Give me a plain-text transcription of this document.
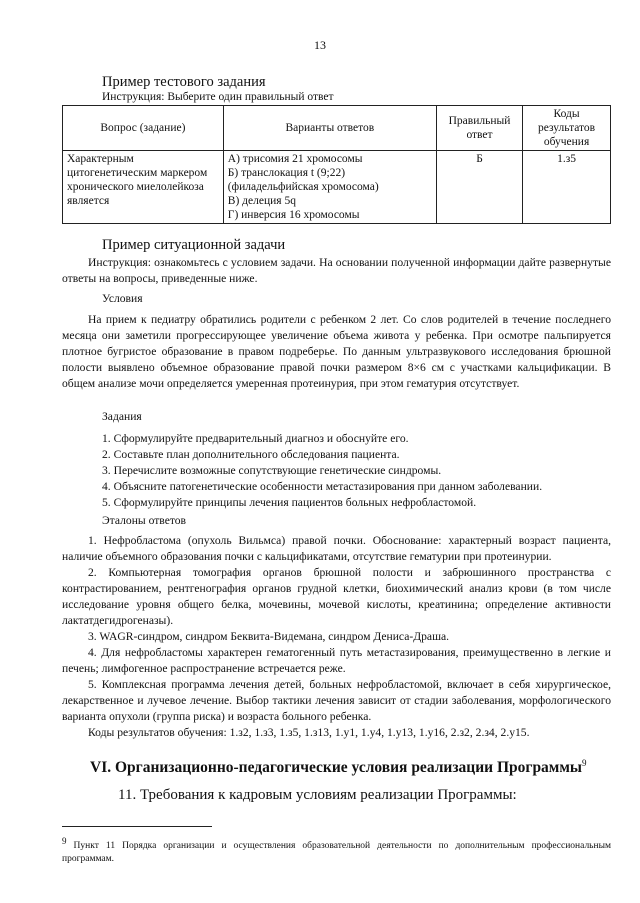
13
Пример тестового задания
Инструкция: Выберите один правильный ответ
Вопрос (задание)	Варианты ответов	Правильный ответ	Коды результатов обучения
Характерным цитогенетическим маркером хронического миелолейкоза является	А) трисомия 21 хромосомы
Б) транслокация t (9;22) (филадельфийская хромосома)
В) делеция 5q
Г) инверсия 16 хромосомы	Б	1.з5
Пример ситуационной задачи
Инструкция: ознакомьтесь с условием задачи. На основании полученной информации дайте развернутые ответы на вопросы, приведенные ниже.
Условия
На прием к педиатру обратились родители с ребенком 2 лет. Со слов родителей в течение последнего месяца они заметили прогрессирующее увеличение объема живота у ребенка. При осмотре пальпируется плотное бугристое образование в правом подреберье. По данным ультразвукового исследования брюшной полости выявлено объемное образование правой почки размером 8×6 см с участками кальцификации. В общем анализе мочи определяется умеренная протеинурия, при этом гематурия отсутствует.
Задания
1. Сформулируйте предварительный диагноз и обоснуйте его.
2. Составьте план дополнительного обследования пациента.
3. Перечислите возможные сопутствующие генетические синдромы.
4. Объясните патогенетические особенности метастазирования при данном заболевании.
5. Сформулируйте принципы лечения пациентов больных нефробластомой.
Эталоны ответов
1. Нефробластома (опухоль Вильмса) правой почки. Обоснование: характерный возраст пациента, наличие объемного образования почки с кальцификатами, отсутствие гематурии при протеинурии.
2. Компьютерная томография органов брюшной полости и забрюшинного пространства с контрастированием, рентгенография органов грудной клетки, биохимический анализ крови (в том числе исследование уровня общего белка, мочевины, мочевой кислоты, креатинина; определение активности лактатдегидрогеназы).
3. WAGR-синдром, синдром Беквита-Видемана, синдром Дениса-Драша.
4. Для нефробластомы характерен гематогенный путь метастазирования, преимущественно в легкие и печень; лимфогенное распространение встречается реже.
5. Комплексная программа лечения детей, больных нефробластомой, включает в себя хирургическое, лекарственное и лучевое лечение. Выбор тактики лечения зависит от стадии заболевания, морфологического варианта опухоли (группа риска) и возраста больного ребенка.
Коды результатов обучения: 1.з2, 1.з3, 1.з5, 1.з13, 1.у1, 1.у4, 1.у13, 1.у16, 2.з2, 2.з4, 2.у15.
VI. Организационно-педагогические условия реализации Программы$^9$
11. Требования к кадровым условиям реализации Программы:
9 Пункт 11 Порядка организации и осуществления образовательной деятельности по дополнительным профессиональным программам.
